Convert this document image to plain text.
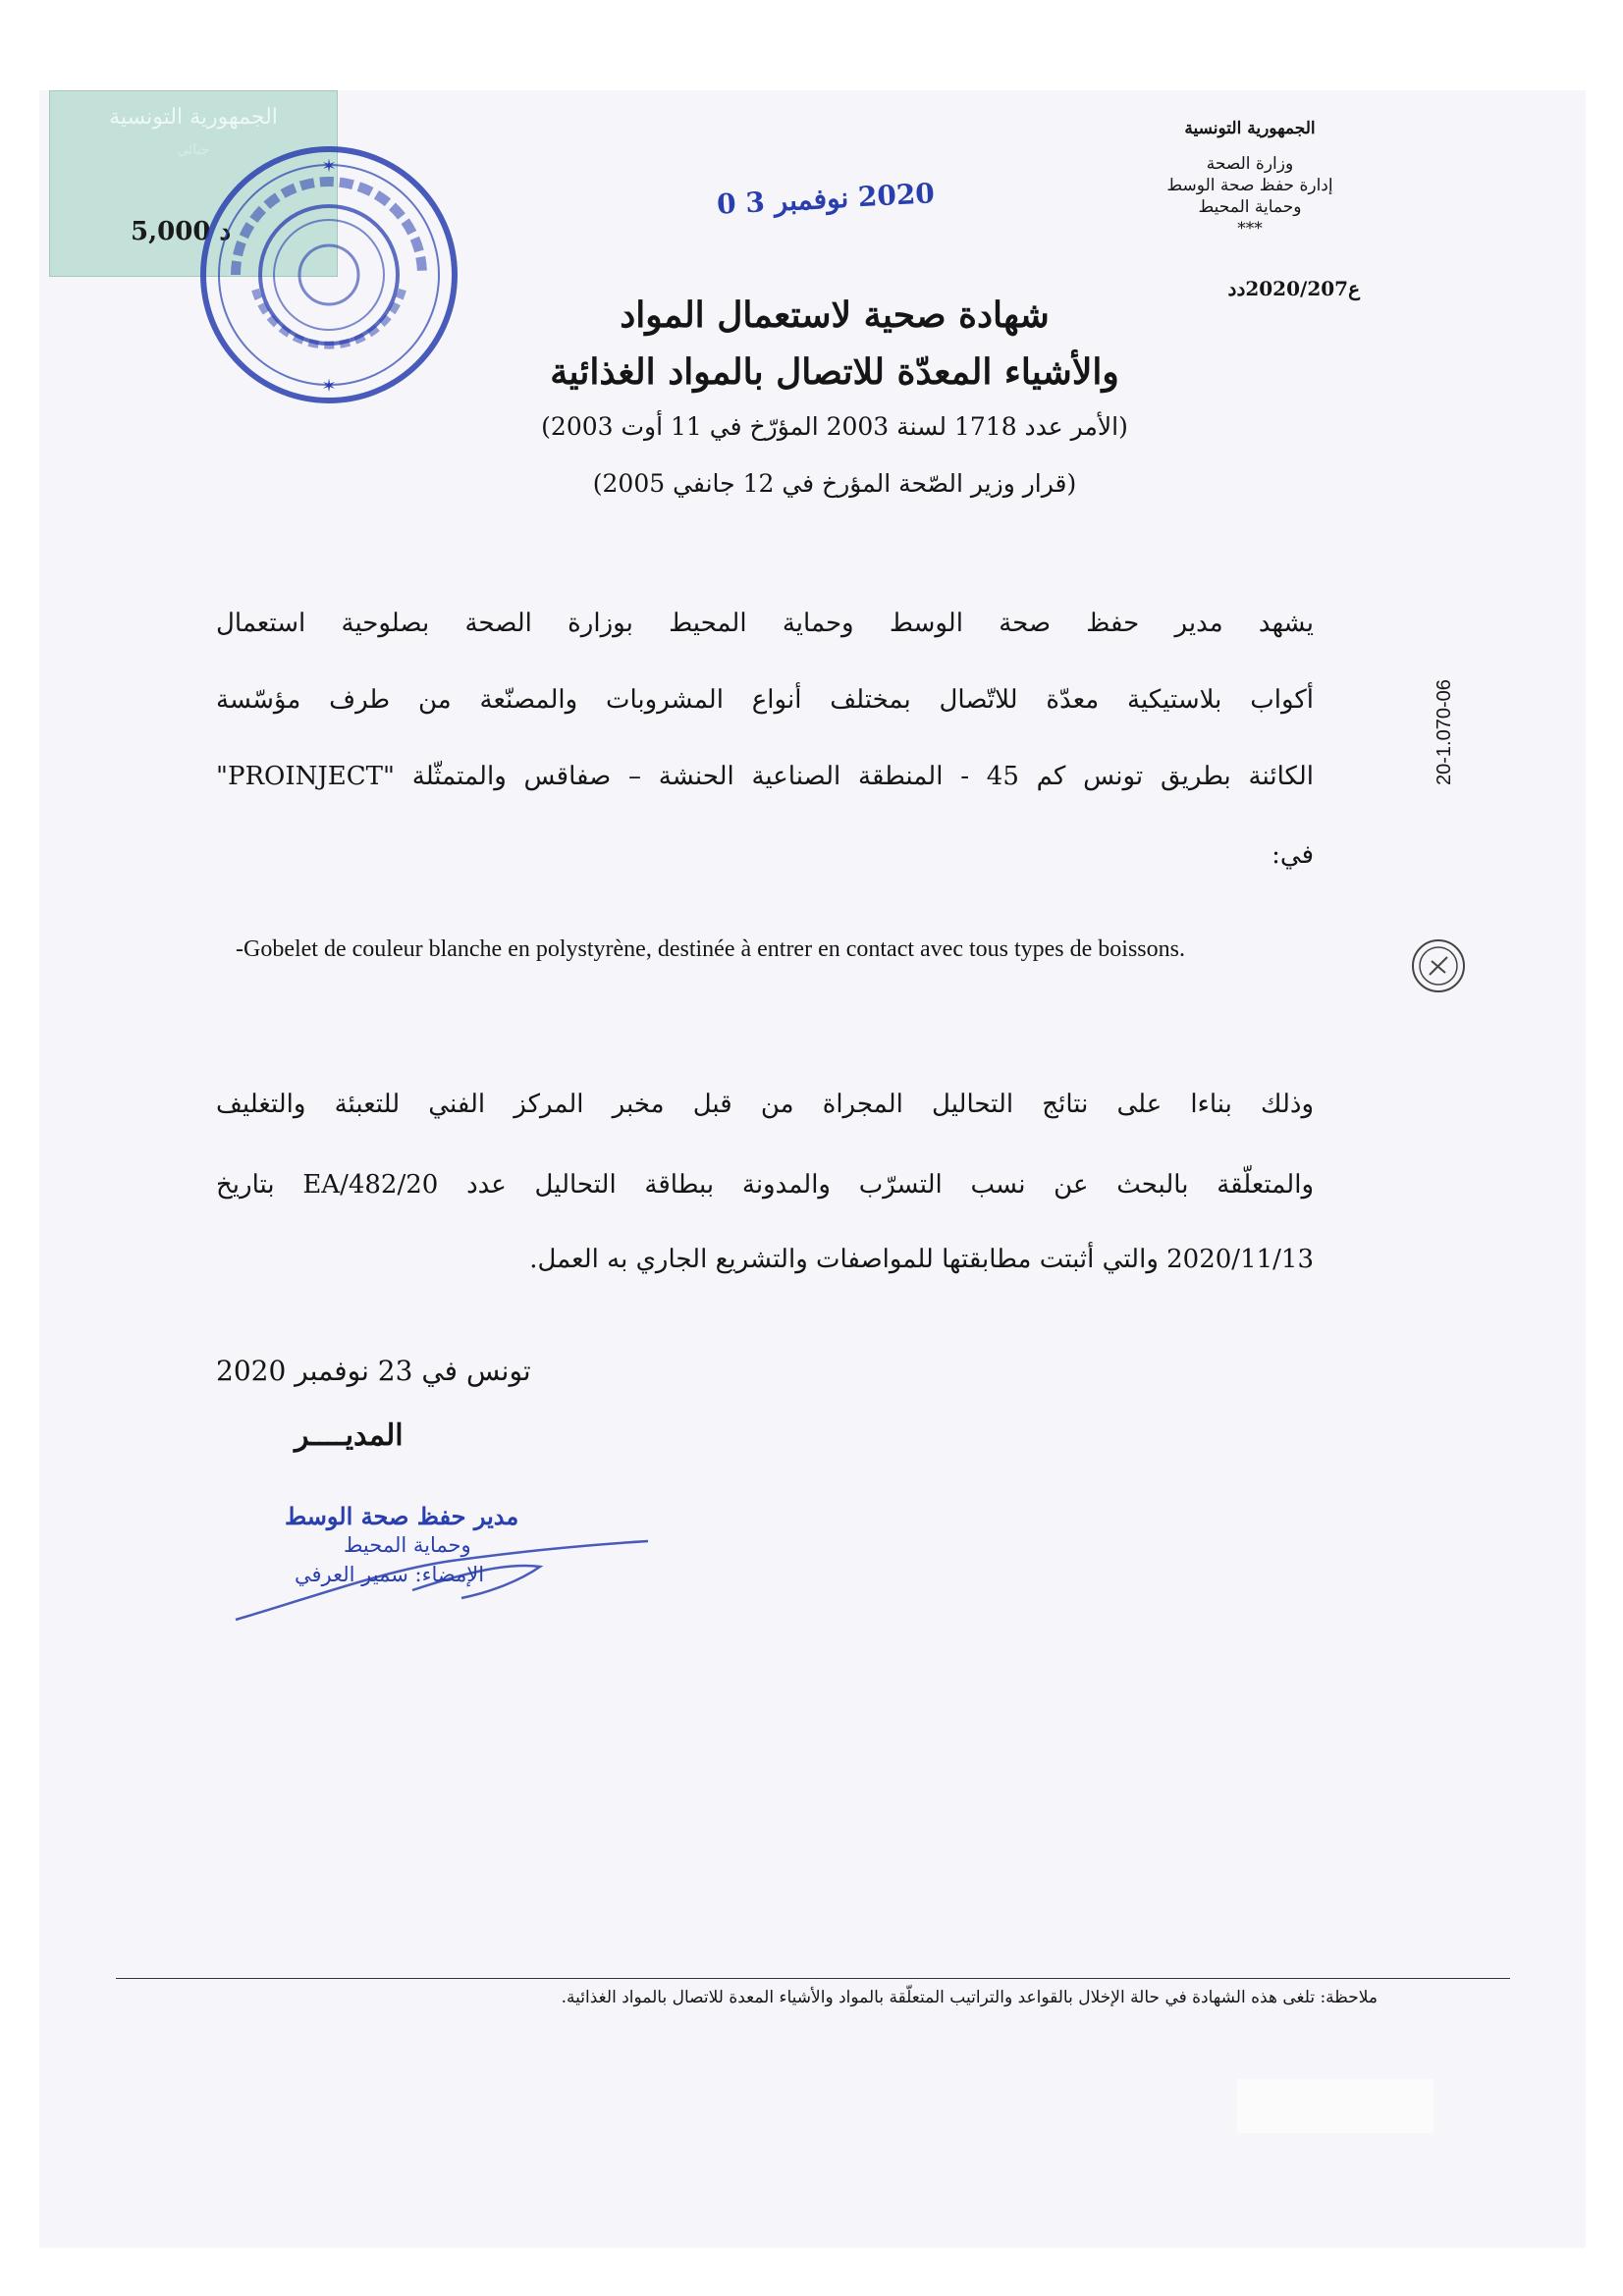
الجمهورية التونسية
وزارة الصحة
إدارة حفظ صحة الوسط
وحماية المحيط
***
ع2020/207دد
الجمهورية التونسية
جبائي
5,000 د
✶
✶
2020 نوفمبر 3 0
شهادة صحية لاستعمال المواد
والأشياء المعدّة للاتصال بالمواد الغذائية
(الأمر عدد 1718 لسنة 2003 المؤرّخ في 11 أوت 2003)
(قرار وزير الصّحة المؤرخ في 12 جانفي 2005)
يشهد مدير حفظ صحة الوسط وحماية المحيط بوزارة الصحة بصلوحية استعمال
أكواب بلاستيكية معدّة للاتّصال بمختلف أنواع المشروبات والمصنّعة من طرف مؤسّسة
"PROINJECT" الكائنة بطريق تونس كم 45 - المنطقة الصناعية الحنشة – صفاقس والمتمثّلة
في:
-Gobelet de couleur blanche en polystyrène, destinée à entrer en contact avec tous types de boissons.
20-1.070-06
وذلك بناءا على نتائج التحاليل المجراة من قبل مخبر المركز الفني للتعبئة والتغليف
والمتعلّقة بالبحث عن نسب التسرّب والمدونة ببطاقة التحاليل عدد EA/482/20 بتاريخ
2020/11/13 والتي أثبتت مطابقتها للمواصفات والتشريع الجاري به العمل.
تونس في 23 نوفمبر 2020
المديــــر
مدير حفظ صحة الوسط
وحماية المحيط
الإمضاء: سمير العرفي
ملاحظة: تلغى هذه الشهادة في حالة الإخلال بالقواعد والتراتيب المتعلّقة بالمواد والأشياء المعدة للاتصال بالمواد الغذائية.
